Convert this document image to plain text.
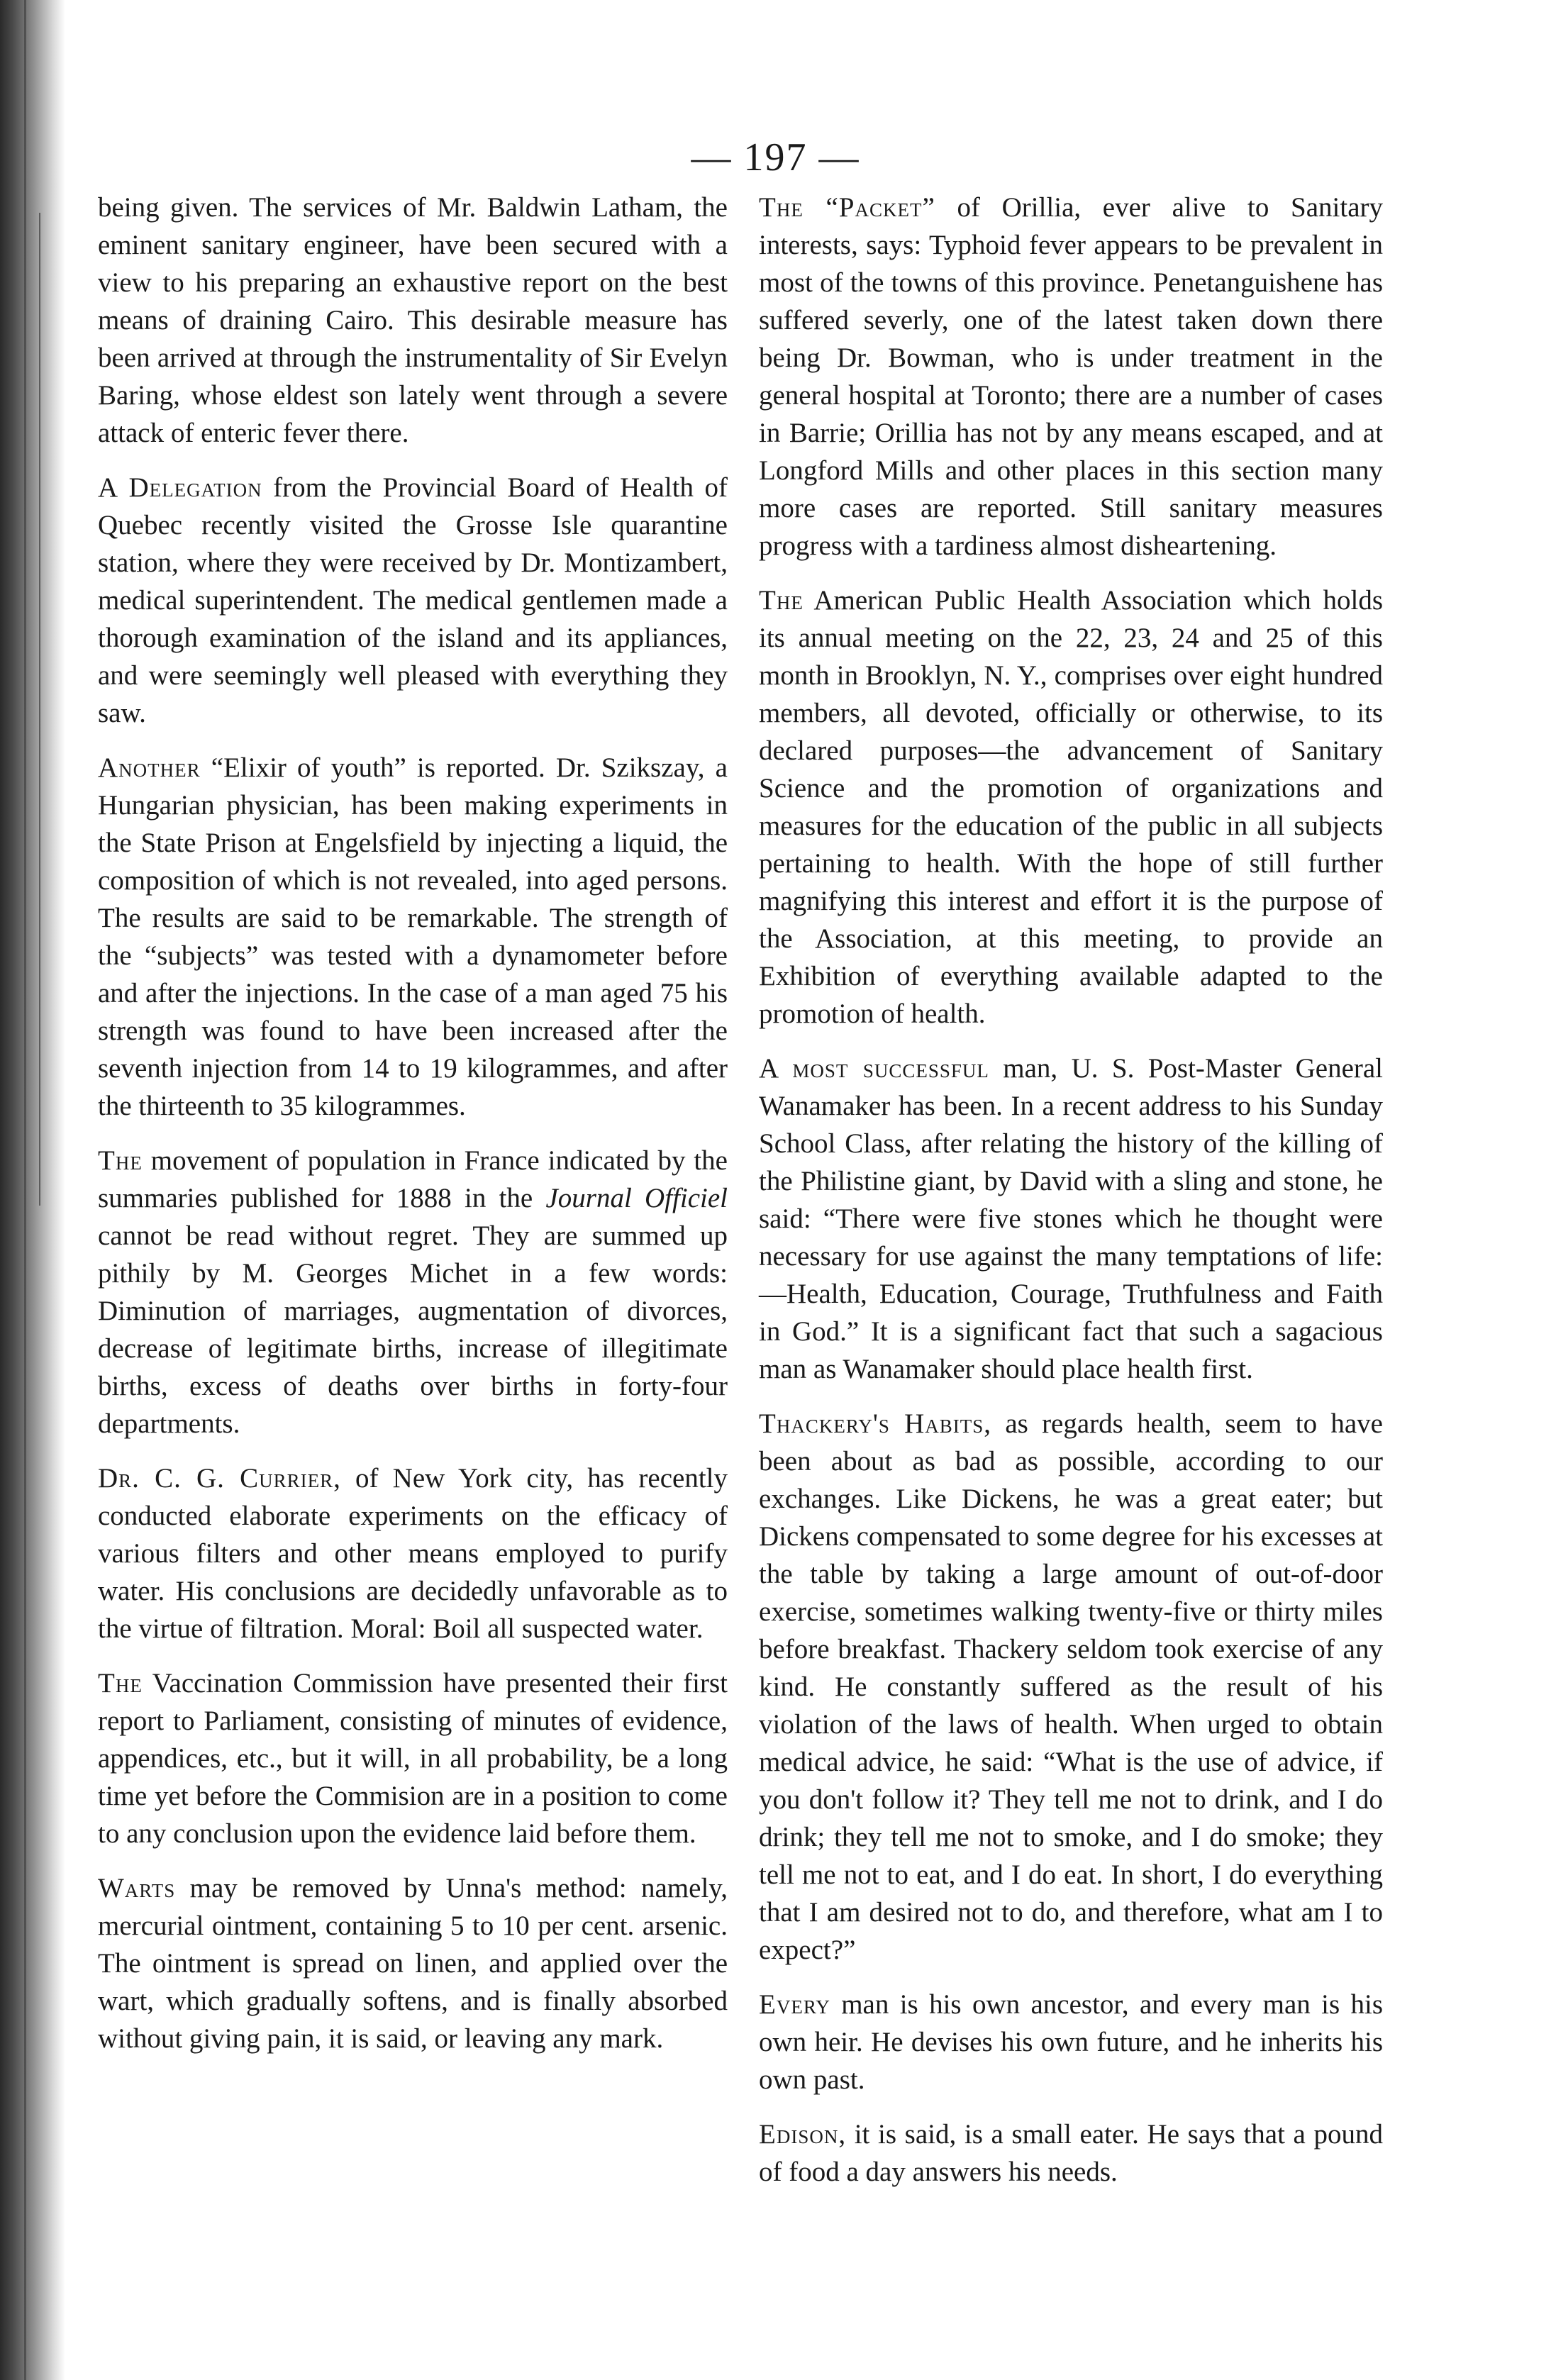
— 197 —

being given. The services of Mr. Baldwin Latham, the eminent sanitary engineer, have been secured with a view to his preparing an exhaustive report on the best means of draining Cairo. This desirable measure has been arrived at through the instrumentality of Sir Evelyn Baring, whose eldest son lately went through a severe attack of enteric fever there.

A Delegation from the Provincial Board of Health of Quebec recently visited the Grosse Isle quarantine station, where they were received by Dr. Montizambert, medical superintendent. The medical gentlemen made a thorough examination of the island and its appliances, and were seemingly well pleased with everything they saw.

Another “Elixir of youth” is reported. Dr. Szikszay, a Hungarian physician, has been making experiments in the State Prison at Engelsfield by injecting a liquid, the composition of which is not revealed, into aged persons. The results are said to be remarkable. The strength of the “subjects” was tested with a dynamometer before and after the injections. In the case of a man aged 75 his strength was found to have been increased after the seventh injection from 14 to 19 kilogrammes, and after the thirteenth to 35 kilogrammes.

The movement of population in France indicated by the summaries published for 1888 in the Journal Officiel cannot be read without regret. They are summed up pithily by M. Georges Michet in a few words: Diminution of marriages, augmentation of divorces, decrease of legitimate births, increase of illegitimate births, excess of deaths over births in forty-four departments.

Dr. C. G. Currier, of New York city, has recently conducted elaborate experiments on the efficacy of various filters and other means employed to purify water. His conclusions are decidedly unfavorable as to the virtue of filtration. Moral: Boil all suspected water.

The Vaccination Commission have presented their first report to Parliament, consisting of minutes of evidence, appendices, etc., but it will, in all probability, be a long time yet before the Commision are in a position to come to any conclusion upon the evidence laid before them.

Warts may be removed by Unna's method: namely, mercurial ointment, containing 5 to 10 per cent. arsenic. The ointment is spread on linen, and applied over the wart, which gradually softens, and is finally absorbed without giving pain, it is said, or leaving any mark.

The “Packet” of Orillia, ever alive to Sanitary interests, says: Typhoid fever appears to be prevalent in most of the towns of this province. Penetanguishene has suffered severly, one of the latest taken down there being Dr. Bowman, who is under treatment in the general hospital at Toronto; there are a number of cases in Barrie; Orillia has not by any means escaped, and at Longford Mills and other places in this section many more cases are reported. Still sanitary measures progress with a tardiness almost disheartening.

The American Public Health Association which holds its annual meeting on the 22, 23, 24 and 25 of this month in Brooklyn, N. Y., comprises over eight hundred members, all devoted, officially or otherwise, to its declared purposes—the advancement of Sanitary Science and the promotion of organizations and measures for the education of the public in all subjects pertaining to health. With the hope of still further magnifying this interest and effort it is the purpose of the Association, at this meeting, to provide an Exhibition of everything available adapted to the promotion of health.

A most successful man, U. S. Post-Master General Wanamaker has been. In a recent address to his Sunday School Class, after relating the history of the killing of the Philistine giant, by David with a sling and stone, he said: “There were five stones which he thought were necessary for use against the many temptations of life:—Health, Education, Courage, Truthfulness and Faith in God.” It is a significant fact that such a sagacious man as Wanamaker should place health first.

Thackery's Habits, as regards health, seem to have been about as bad as possible, according to our exchanges. Like Dickens, he was a great eater; but Dickens compensated to some degree for his excesses at the table by taking a large amount of out-of-door exercise, sometimes walking twenty-five or thirty miles before breakfast. Thackery seldom took exercise of any kind. He constantly suffered as the result of his violation of the laws of health. When urged to obtain medical advice, he said: “What is the use of advice, if you don't follow it? They tell me not to drink, and I do drink; they tell me not to smoke, and I do smoke; they tell me not to eat, and I do eat. In short, I do everything that I am desired not to do, and therefore, what am I to expect?”

Every man is his own ancestor, and every man is his own heir. He devises his own future, and he inherits his own past.

Edison, it is said, is a small eater. He says that a pound of food a day answers his needs.
